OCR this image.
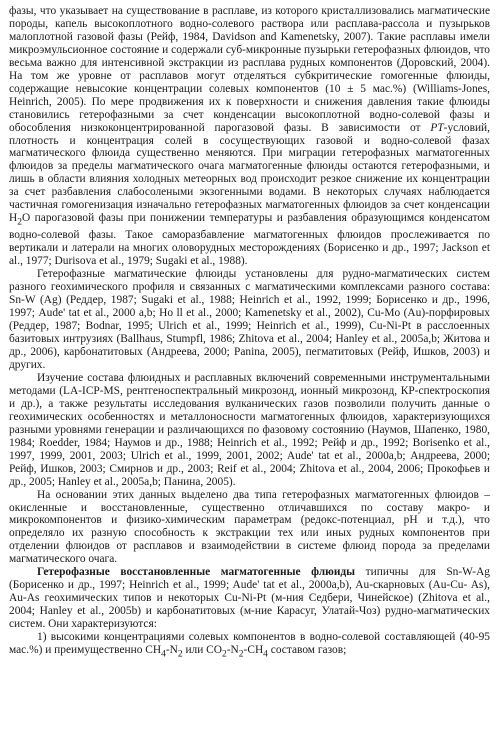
фазы, что указывает на существование в расплаве, из которого кристаллизовались магматические породы, капель высокоплотного водно-солевого раствора или расплава-рассола и пузырьков малоплотной газовой фазы (Рейф, 1984, Davidson and Kamenetsky, 2007). Такие расплавы имели микроэмульсионное состояние и содержали суб-микронные пузырьки гетерофазных флюидов, что весьма важно для интенсивной экстракции из расплава рудных компонентов (Доровский, 2004). На том же уровне от расплавов могут отделяться субкритические гомогенные флюиды, содержащие невысокие концентрации солевых компонентов (10 ± 5 мас.%) (Williams-Jones, Heinrich, 2005). По мере продвижения их к поверхности и снижения давления такие флюиды становились гетерофазными за счет конденсации высокоплотной водно-солевой фазы и обособления низкоконцентрированной парогазовой фазы. В зависимости от PT-условий, плотность и концентрация солей в сосуществующих газовой и водно-солевой фазах магматического флюида существенно меняются. При миграции гетерофазных магматогенных флюидов за пределы магматического очага магматогенные флюиды остаются гетерофазными, и лишь в области влияния холодных метеорных вод происходит резкое снижение их концентрации за счет разбавления слабосолеными экзогенными водами. В некоторых случаях наблюдается частичная гомогенизация изначально гетерофазных магматогенных флюидов за счет конденсации $H_2O$ парогазовой фазы при понижении температуры и разбавления образующимся конденсатом водно-солевой фазы. Такое саморазбавление магматогенных флюидов прослеживается по вертикали и латерали на многих оловорудных месторождениях (Борисенко и др., 1997; Jackson et al., 1977; Durisova et al., 1979; Sugaki et al., 1988).

Гетерофазные магматические флюиды установлены для рудно-магматических систем разного геохимического профиля и связанных с магматическими комплексами разного состава: Sn-W (Ag) (Реддер, 1987; Sugaki et al., 1988; Heinrich et al., 1992, 1999; Борисенко и др., 1996, 1997; Aude' tat et al., 2000 a,b; Ho ll et al., 2000; Kamenetsky et al., 2002), Cu-Mo (Au)-порфировых (Реддер, 1987; Bodnar, 1995; Ulrich et al., 1999; Heinrich et al., 1999), Cu-Ni-Pt в расслоенных базитовых интрузиях (Ballhaus, Stumpfl, 1986; Zhitova et al., 2004; Hanley et al., 2005a,b; Житова и др., 2006), карбонатитовых (Андреева, 2000; Panina, 2005), пегматитовых (Рейф, Ишков, 2003) и других.

Изучение состава флюидных и расплавных включений современными инструментальными методами (LA-ICP-MS, рентгеноспектральный микрозонд, ионный микрозонд, КР-спектроскопия и др.), а также результаты исследования вулканических газов позволили получить данные о геохимических особенностях и металлоносности магматогенных флюидов, характеризующихся разными уровнями генерации и различающихся по фазовому состоянию (Наумов, Шапенко, 1980, 1984; Roedder, 1984; Наумов и др., 1988; Heinrich et al., 1992; Рейф и др., 1992; Borisenko et al., 1997, 1999, 2001, 2003; Ulrich et al., 1999, 2001, 2002; Aude' tat et al., 2000a,b; Андреева, 2000; Рейф, Ишков, 2003; Смирнов и др., 2003; Reif et al., 2004; Zhitova et al., 2004, 2006; Прокофьев и др., 2005; Hanley et al., 2005a,b; Панина, 2005).

На основании этих данных выделено два типа гетерофазных магматогенных флюидов – окисленные и восстановленные, существенно отличавшихся по составу макро- и микрокомпонентов и физико-химическим параметрам (редокс-потенциал, pH и т.д.), что определяло их разную способность к экстракции тех или иных рудных компонентов при отделении флюидов от расплавов и взаимодействии в системе флюид порода за пределами магматического очага.

Гетерофазные восстановленные магматогенные флюиды типичны для Sn-W-Ag (Борисенко и др., 1997; Heinrich et al., 1999; Aude' tat et al., 2000a,b), Au-скарновых (Au-Cu- As), Au-As геохимических типов и некоторых Cu-Ni-Pt (м-ния Седбери, Чинейское) (Zhitova et al., 2004; Hanley et al., 2005b) и карбонатитовых (м-ние Карасуг, Улатай-Чоз) рудно-магматических систем. Они характеризуются:

1) высокими концентрациями солевых компонентов в водно-солевой составляющей (40-95 мас.%) и преимущественно $CH_4-N_2$ или $CO_2-N_2-CH_4$ составом газов;
